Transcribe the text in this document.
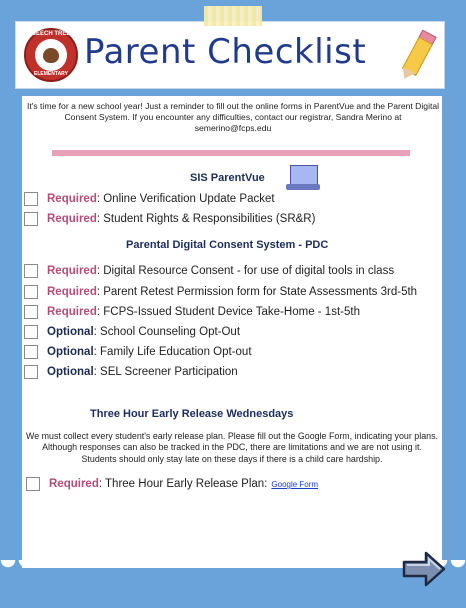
BEECH TREE
ELEMENTARY
Parent Checklist
It's time for a new school year! Just a reminder to fill out the online forms in ParentVue and the Parent Digital Consent System. If you encounter any difficulties, contact our registrar, Sandra Merino at semerino@fcps.edu
SIS ParentVue
Required: Online Verification Update Packet
Required: Student Rights & Responsibilities (SR&R)
Parental Digital Consent System - PDC
Required: Digital Resource Consent - for use of digital tools in class
Required: Parent Retest Permission form for State Assessments 3rd-5th
Required: FCPS-Issued Student Device Take-Home - 1st-5th
Optional: School Counseling Opt-Out
Optional: Family Life Education Opt-out
Optional: SEL Screener Participation
Three Hour Early Release Wednesdays
We must collect every student's early release plan. Please fill out the Google Form, indicating your plans. Although responses can also be tracked in the PDC, there are limitations and we are not using it. Students should only stay late on these days if there is a child care hardship.
Required: Three Hour Early Release Plan: Google Form
